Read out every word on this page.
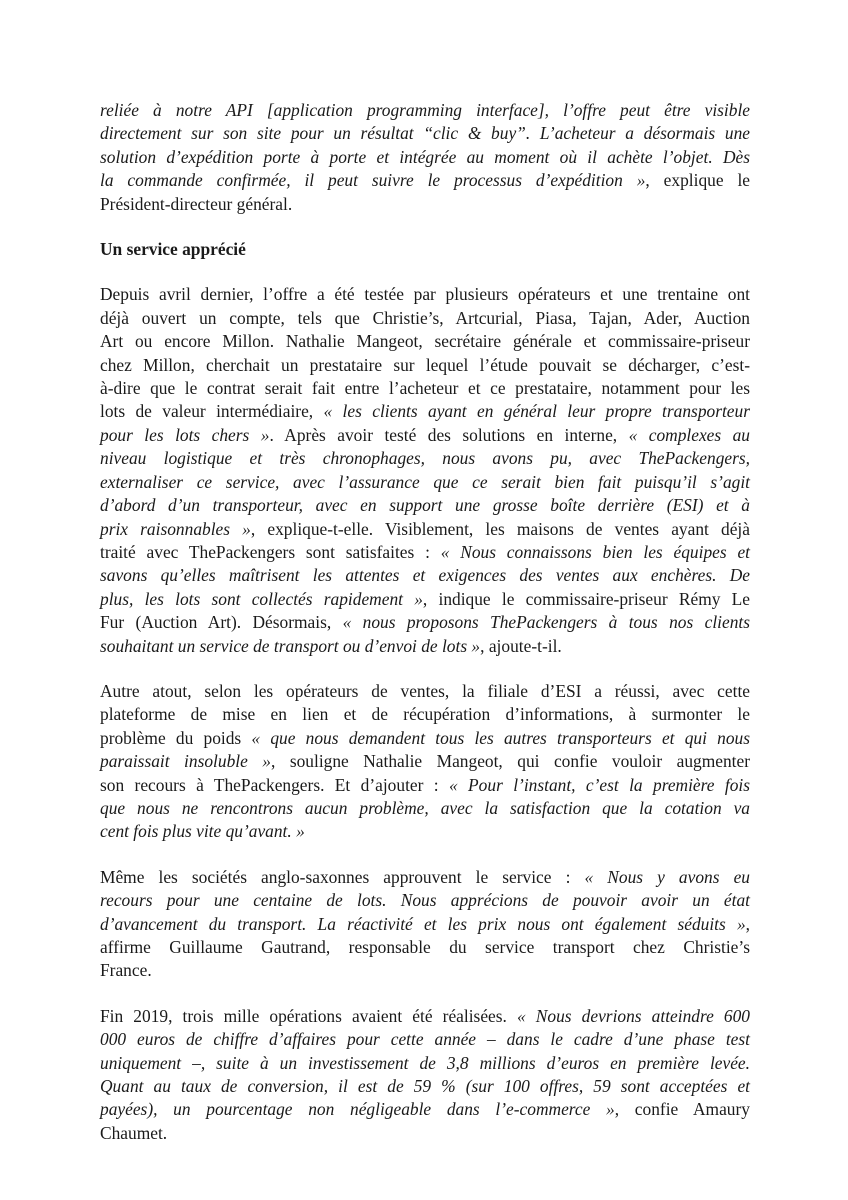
reliée à notre API [application programming interface], l’offre peut être visible
directement sur son site pour un résultat “clic & buy”. L’acheteur a désormais une
solution d’expédition porte à porte et intégrée au moment où il achète l’objet. Dès
la commande confirmée, il peut suivre le processus d’expédition », explique le
Président-directeur général.

Un service apprécié

Depuis avril dernier, l’offre a été testée par plusieurs opérateurs et une trentaine ont
déjà ouvert un compte, tels que Christie’s, Artcurial, Piasa, Tajan, Ader, Auction
Art ou encore Millon. Nathalie Mangeot, secrétaire générale et commissaire-priseur
chez Millon, cherchait un prestataire sur lequel l’étude pouvait se décharger, c’est-
à-dire que le contrat serait fait entre l’acheteur et ce prestataire, notamment pour les
lots de valeur intermédiaire, « les clients ayant en général leur propre transporteur
pour les lots chers ». Après avoir testé des solutions en interne, « complexes au
niveau logistique et très chronophages, nous avons pu, avec ThePackengers,
externaliser ce service, avec l’assurance que ce serait bien fait puisqu’il s’agit
d’abord d’un transporteur, avec en support une grosse boîte derrière (ESI) et à
prix raisonnables », explique-t-elle. Visiblement, les maisons de ventes ayant déjà
traité avec ThePackengers sont satisfaites : « Nous connaissons bien les équipes et
savons qu’elles maîtrisent les attentes et exigences des ventes aux enchères. De
plus, les lots sont collectés rapidement », indique le commissaire-priseur Rémy Le
Fur (Auction Art). Désormais, « nous proposons ThePackengers à tous nos clients
souhaitant un service de transport ou d’envoi de lots », ajoute-t-il.

Autre atout, selon les opérateurs de ventes, la filiale d’ESI a réussi, avec cette
plateforme de mise en lien et de récupération d’informations, à surmonter le
problème du poids « que nous demandent tous les autres transporteurs et qui nous
paraissait insoluble », souligne Nathalie Mangeot, qui confie vouloir augmenter
son recours à ThePackengers. Et d’ajouter : « Pour l’instant, c’est la première fois
que nous ne rencontrons aucun problème, avec la satisfaction que la cotation va
cent fois plus vite qu’avant. »

Même les sociétés anglo-saxonnes approuvent le service : « Nous y avons eu
recours pour une centaine de lots. Nous apprécions de pouvoir avoir un état
d’avancement du transport. La réactivité et les prix nous ont également séduits »,
affirme Guillaume Gautrand, responsable du service transport chez Christie’s
France.

Fin 2019, trois mille opérations avaient été réalisées. « Nous devrions atteindre 600
000 euros de chiffre d’affaires pour cette année – dans le cadre d’une phase test
uniquement –, suite à un investissement de 3,8 millions d’euros en première levée.
Quant au taux de conversion, il est de 59 % (sur 100 offres, 59 sont acceptées et
payées), un pourcentage non négligeable dans l’e-commerce », confie Amaury
Chaumet.
